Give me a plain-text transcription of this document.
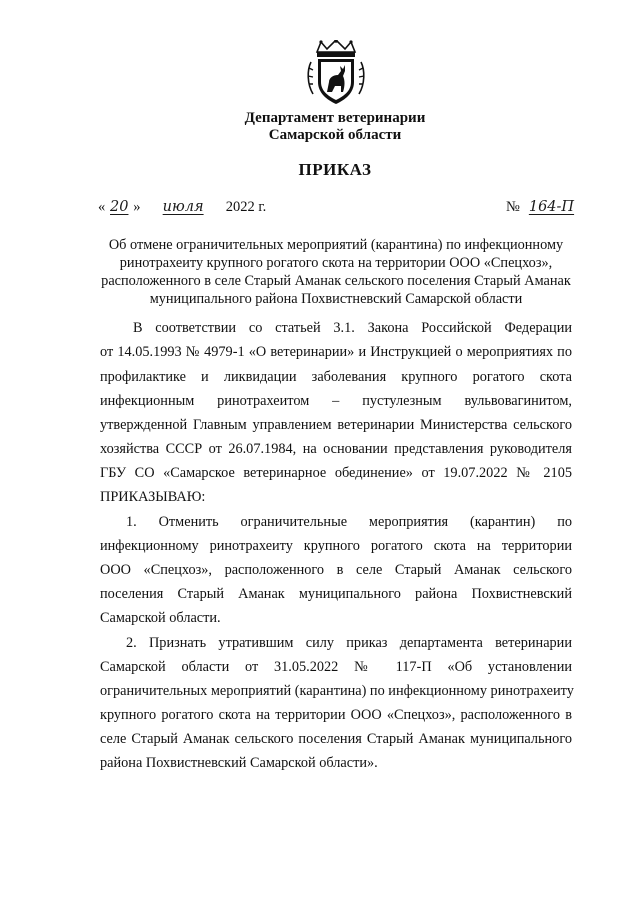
Департамент ветеринарии
Самарской области
ПРИКАЗ
« 20 » июля 2022 г.	№ 164-П
Об отмене ограничительных мероприятий (карантина) по инфекционному
ринотрахеиту крупного рогатого скота на территории ООО «Спецхоз»,
расположенного в селе Старый Аманак сельского поселения Старый Аманак
муниципального района Похвистневский Самарской области
В соответствии со статьей 3.1. Закона Российской Федерации
от 14.05.1993 № 4979-1 «О ветеринарии» и Инструкцией о мероприятиях по
профилактике и ликвидации заболевания крупного рогатого скота
инфекционным ринотрахеитом – пустулезным вульвовагинитом,
утвержденной Главным управлением ветеринарии Министерства сельского
хозяйства СССР от 26.07.1984, на основании представления руководителя
ГБУ СО «Самарское ветеринарное обединение» от 19.07.2022 № 2105
ПРИКАЗЫВАЮ:
1. Отменить ограничительные мероприятия (карантин) по
инфекционному ринотрахеиту крупного рогатого скота на территории
ООО «Спецхоз», расположенного в селе Старый Аманак сельского
поселения Старый Аманак муниципального района Похвистневский
Самарской области.
2. Признать утратившим силу приказ департамента ветеринарии
Самарской области от 31.05.2022 № 117-П «Об установлении
ограничительных мероприятий (карантина) по инфекционному ринотрахеиту
крупного рогатого скота на территории ООО «Спецхоз», расположенного в
селе Старый Аманак сельского поселения Старый Аманак муниципального
района Похвистневский Самарской области».
